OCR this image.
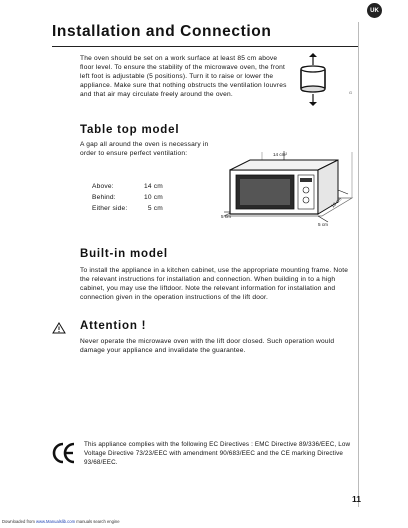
UK
Installation and Connection
The oven should be set on a work surface at least 85 cm above floor level. To ensure the stability of the microwave oven, the front left foot is adjustable (5 positions). Turn it to raise or lower the appliance. Make sure that nothing obstructs the ventilation louvres and that air may circulate freely around the oven.	G
Table top model
A gap all around the oven is necessary in order to ensure perfect ventilation:
Above:	14 cm
Behind:	10 cm
Either side:	5 cm
14 cm²
5 cm
10 cm
5 cm
Built-in model
To install the appliance in a kitchen cabinet, use the appropriate mounting frame. Note the relevant instructions for installation and connection. When building in to a high cabinet, you may use the liftdoor. Note the relevant information for installation and connection given in the operation instructions of the lift door.
Attention !
Never operate the microwave oven with the lift door closed. Such operation would damage your appliance and invalidate the guarantee.
This appliance complies with the following EC Directives : EMC Directive 89/336/EEC, Low Voltage Directive 73/23/EEC with amendment 90/683/EEC and the CE marking Directive 93/68/EEC.
11
Downloaded from www.Manualslib.com manuals search engine
